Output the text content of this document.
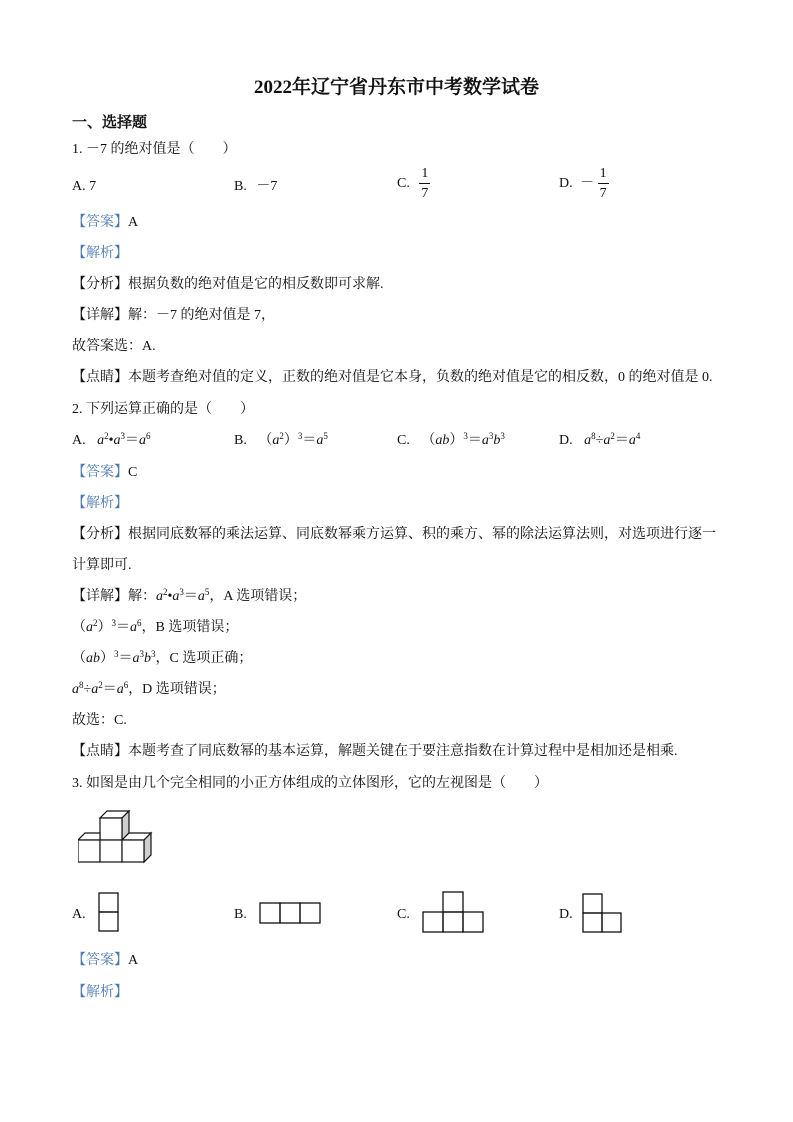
2022年辽宁省丹东市中考数学试卷
一、选择题
1. －7 的绝对值是（　　）
A. 7	B. －7	C. $\frac{1}{7}$	D. － $\frac{1}{7}$
【答案】A
【解析】
【分析】根据负数的绝对值是它的相反数即可求解.
【详解】解：－7 的绝对值是 7，
故答案选：A.
【点睛】本题考查绝对值的定义，正数的绝对值是它本身，负数的绝对值是它的相反数，0 的绝对值是 0.
2. 下列运算正确的是（　　）
A. $a^2•a^3=a^6$	B. $(a^2)^3=a^5$	C. $(ab)^3=a^3b^3$	D. $a^8\div a^2=a^4$
【答案】C
【解析】
【分析】根据同底数幂的乘法运算、同底数幂乘方运算、积的乘方、幂的除法运算法则，对选项进行逐一
计算即可.
【详解】解：$a^2•a^3=a^5$，A 选项错误；
$(a^2)^3=a^6$，B 选项错误；
$(ab)^3=a^3b^3$，C 选项正确；
$a^8\div a^2=a^6$，D 选项错误；
故选：C.
【点睛】本题考查了同底数幂的基本运算，解题关键在于要注意指数在计算过程中是相加还是相乘.
3. 如图是由几个完全相同的小正方体组成的立体图形，它的左视图是（　　）
A.	B.	C.	D.
【答案】A
【解析】
